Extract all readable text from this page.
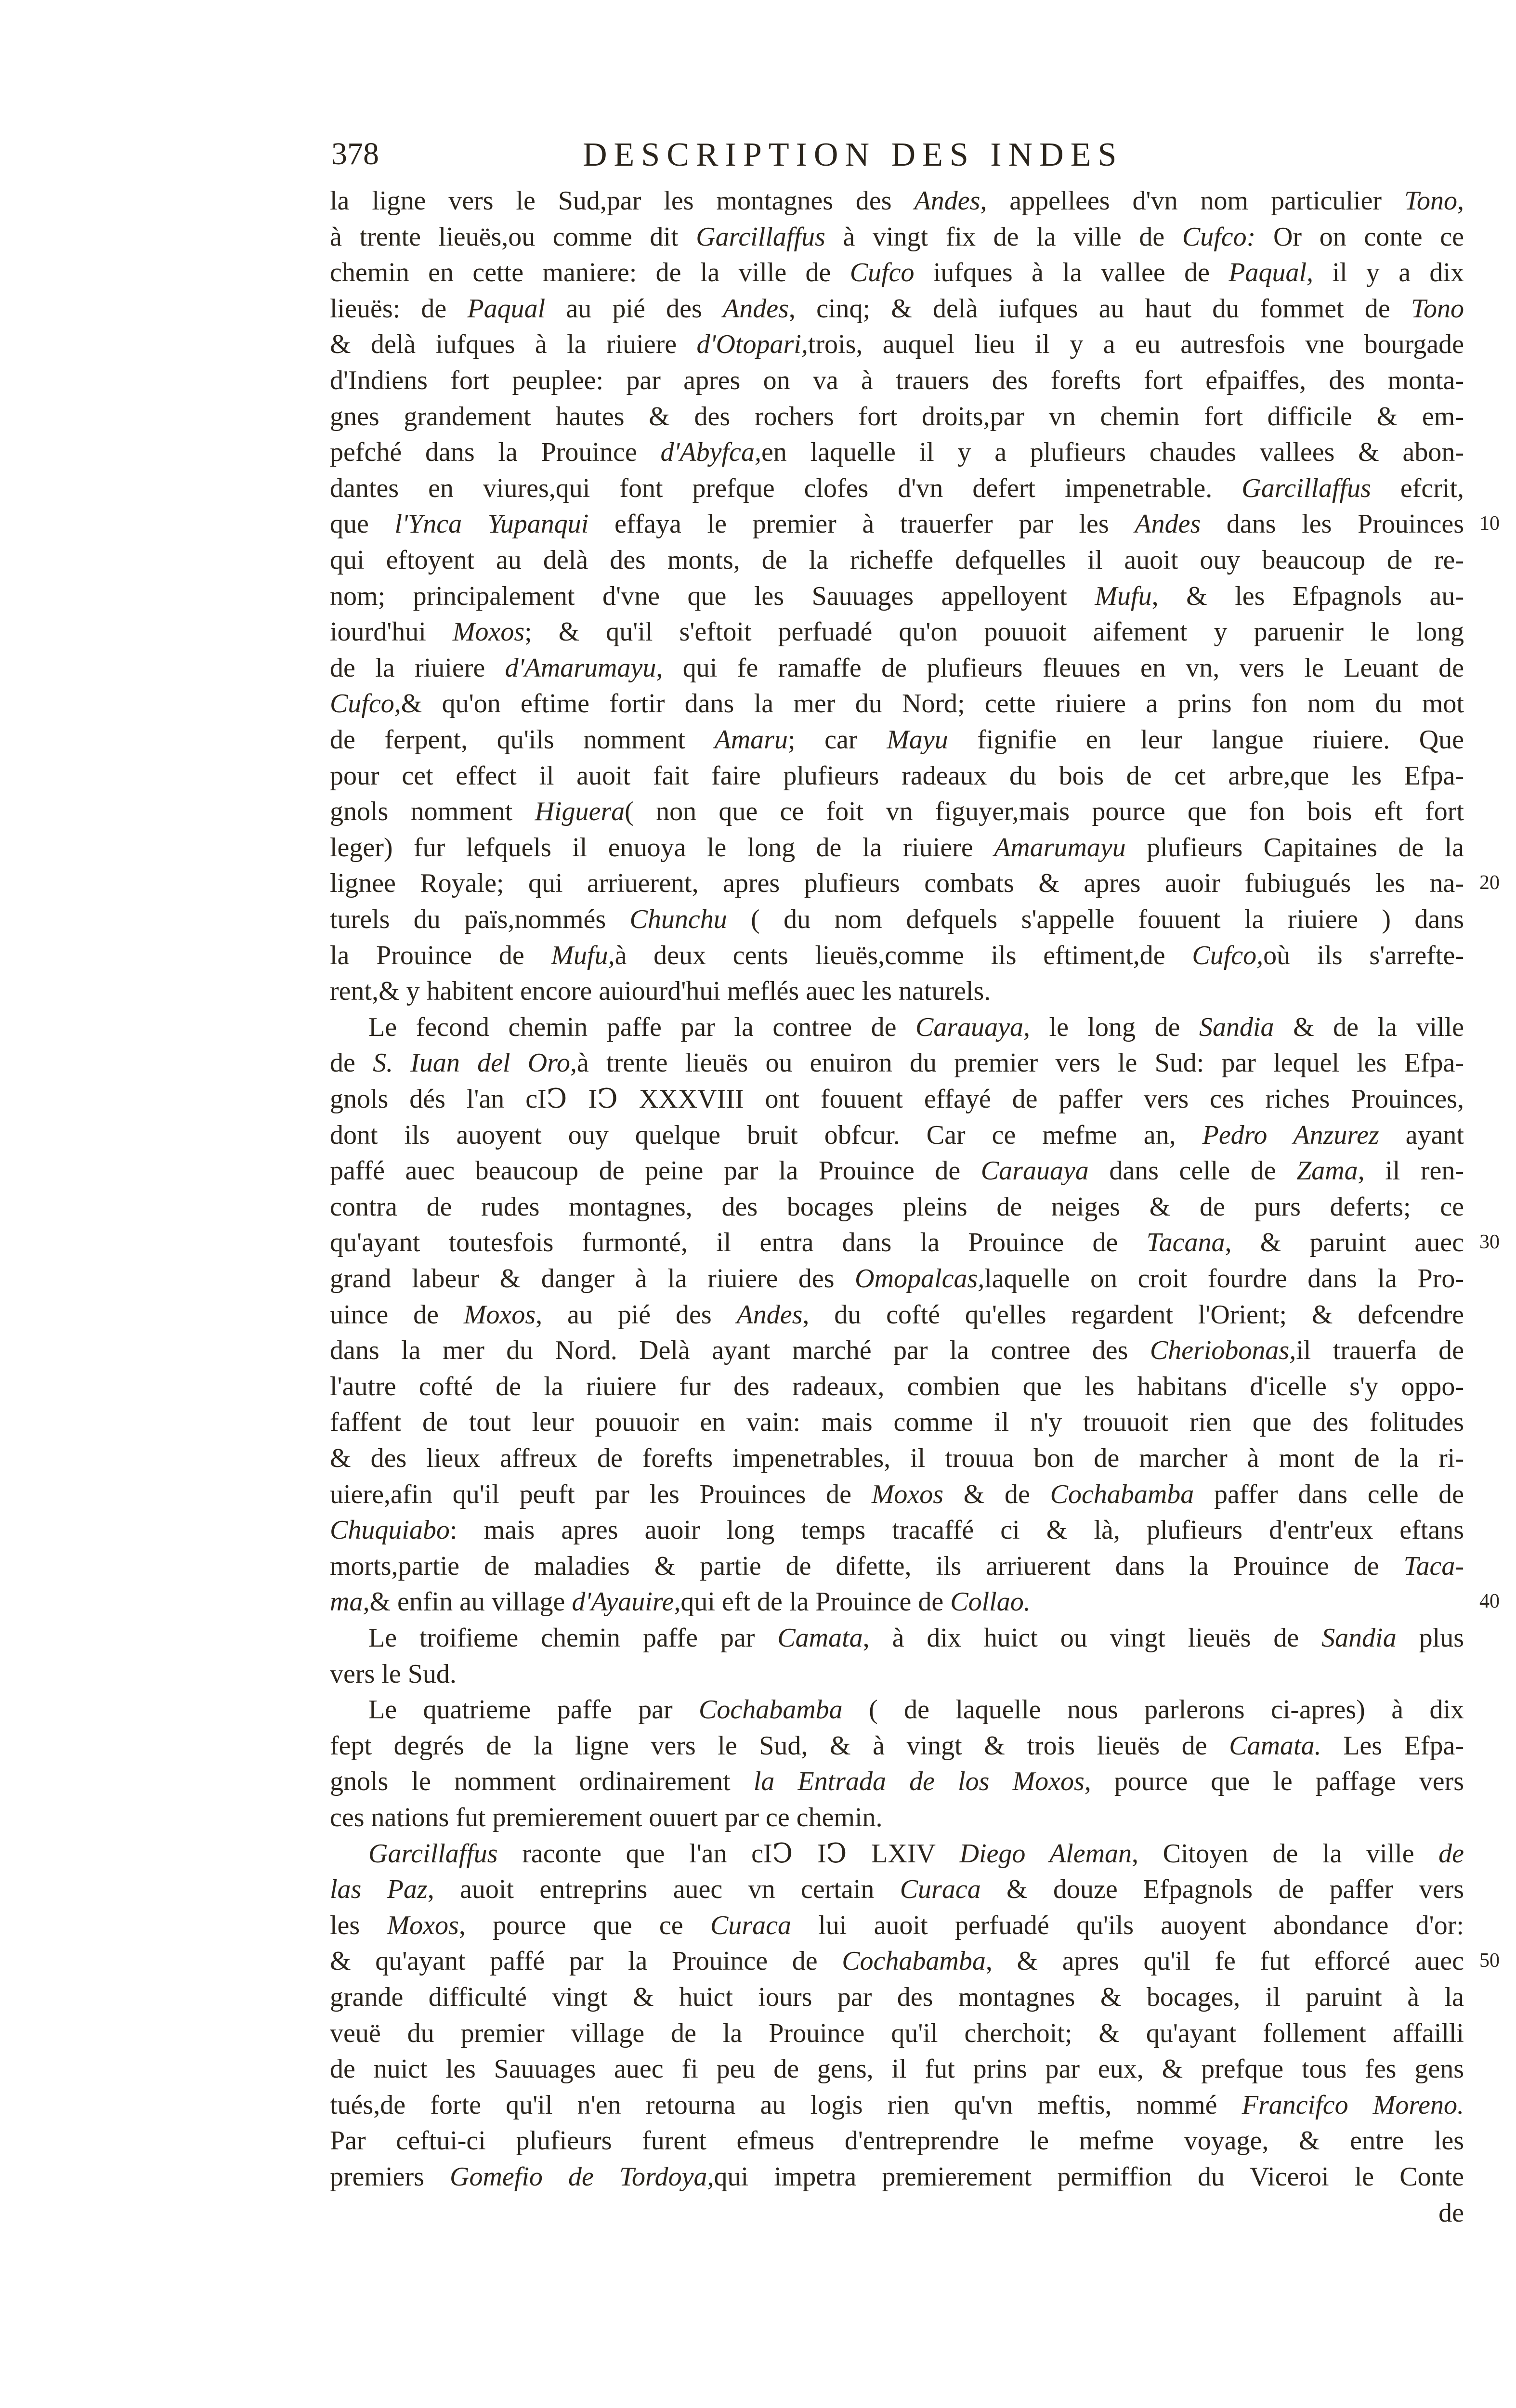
378	DESCRIPTION DES INDES
la ligne vers le Sud,par les montagnes des Andes, appellees d'vn nom particulier Tono,
à trente lieuës,ou comme dit Garcillaffus à vingt fix de la ville de Cufco: Or on conte ce
chemin en cette maniere: de la ville de Cufco iufques à la vallee de Paqual, il y a dix
lieuës: de Paqual au pié des Andes, cinq; & delà iufques au haut du fommet de Tono
& delà iufques à la riuiere d'Otopari,trois, auquel lieu il y a eu autresfois vne bourgade
d'Indiens fort peuplee: par apres on va à trauers des forefts fort efpaiffes, des monta-
gnes grandement hautes & des rochers fort droits,par vn chemin fort difficile & em-
pefché dans la Prouince d'Abyfca,en laquelle il y a plufieurs chaudes vallees & abon-
dantes en viures,qui font prefque clofes d'vn defert impenetrable. Garcillaffus efcrit,
que l'Ynca Yupanqui effaya le premier à trauerfer par les Andes dans les Prouinces
qui eftoyent au delà des monts, de la richeffe defquelles il auoit ouy beaucoup de re-
nom; principalement d'vne que les Sauuages appelloyent Mufu, & les Efpagnols au-
iourd'hui Moxos; & qu'il s'eftoit perfuadé qu'on pouuoit aifement y paruenir le long
de la riuiere d'Amarumayu, qui fe ramaffe de plufieurs fleuues en vn, vers le Leuant de
Cufco,& qu'on eftime fortir dans la mer du Nord; cette riuiere a prins fon nom du mot
de ferpent, qu'ils nomment Amaru; car Mayu fignifie en leur langue riuiere. Que
pour cet effect il auoit fait faire plufieurs radeaux du bois de cet arbre,que les Efpa-
gnols nomment Higuera( non que ce foit vn figuyer,mais pource que fon bois eft fort
leger) fur lefquels il enuoya le long de la riuiere Amarumayu plufieurs Capitaines de la
lignee Royale; qui arriuerent, apres plufieurs combats & apres auoir fubiugués les na-
turels du païs,nommés Chunchu ( du nom defquels s'appelle fouuent la riuiere ) dans
la Prouince de Mufu,à deux cents lieuës,comme ils eftiment,de Cufco,où ils s'arrefte-
rent,& y habitent encore auiourd'hui meflés auec les naturels.
Le fecond chemin paffe par la contree de Carauaya, le long de Sandia & de la ville
de S. Iuan del Oro,à trente lieuës ou enuiron du premier vers le Sud: par lequel les Efpa-
gnols dés l'an cIↃ IↃ XXXVIII ont fouuent effayé de paffer vers ces riches Prouinces,
dont ils auoyent ouy quelque bruit obfcur. Car ce mefme an, Pedro Anzurez ayant
paffé auec beaucoup de peine par la Prouince de Carauaya dans celle de Zama, il ren-
contra de rudes montagnes, des bocages pleins de neiges & de purs deferts; ce
qu'ayant toutesfois furmonté, il entra dans la Prouince de Tacana, & paruint auec
grand labeur & danger à la riuiere des Omopalcas,laquelle on croit fourdre dans la Pro-
uince de Moxos, au pié des Andes, du cofté qu'elles regardent l'Orient; & defcendre
dans la mer du Nord. Delà ayant marché par la contree des Cheriobonas,il trauerfa de
l'autre cofté de la riuiere fur des radeaux, combien que les habitans d'icelle s'y oppo-
faffent de tout leur pouuoir en vain: mais comme il n'y trouuoit rien que des folitudes
& des lieux affreux de forefts impenetrables, il trouua bon de marcher à mont de la ri-
uiere,afin qu'il peuft par les Prouinces de Moxos & de Cochabamba paffer dans celle de
Chuquiabo: mais apres auoir long temps tracaffé ci & là, plufieurs d'entr'eux eftans
morts,partie de maladies & partie de difette, ils arriuerent dans la Prouince de Taca-
ma,& enfin au village d'Ayauire,qui eft de la Prouince de Collao.
Le troifieme chemin paffe par Camata, à dix huict ou vingt lieuës de Sandia plus
vers le Sud.
Le quatrieme paffe par Cochabamba ( de laquelle nous parlerons ci-apres) à dix
fept degrés de la ligne vers le Sud, & à vingt & trois lieuës de Camata. Les Efpa-
gnols le nomment ordinairement la Entrada de los Moxos, pource que le paffage vers
ces nations fut premierement ouuert par ce chemin.
Garcillaffus raconte que l'an cIↃ IↃ LXIV Diego Aleman, Citoyen de la ville de
las Paz, auoit entreprins auec vn certain Curaca & douze Efpagnols de paffer vers
les Moxos, pource que ce Curaca lui auoit perfuadé qu'ils auoyent abondance d'or:
& qu'ayant paffé par la Prouince de Cochabamba, & apres qu'il fe fut efforcé auec
grande difficulté vingt & huict iours par des montagnes & bocages, il paruint à la
veuë du premier village de la Prouince qu'il cherchoit; & qu'ayant follement affailli
de nuict les Sauuages auec fi peu de gens, il fut prins par eux, & prefque tous fes gens
tués,de forte qu'il n'en retourna au logis rien qu'vn meftis, nommé Francifco Moreno.
Par ceftui-ci plufieurs furent efmeus d'entreprendre le mefme voyage, & entre les
premiers Gomefio de Tordoya,qui impetra premierement permiffion du Viceroi le Conte
de
10
20
30
40
50
